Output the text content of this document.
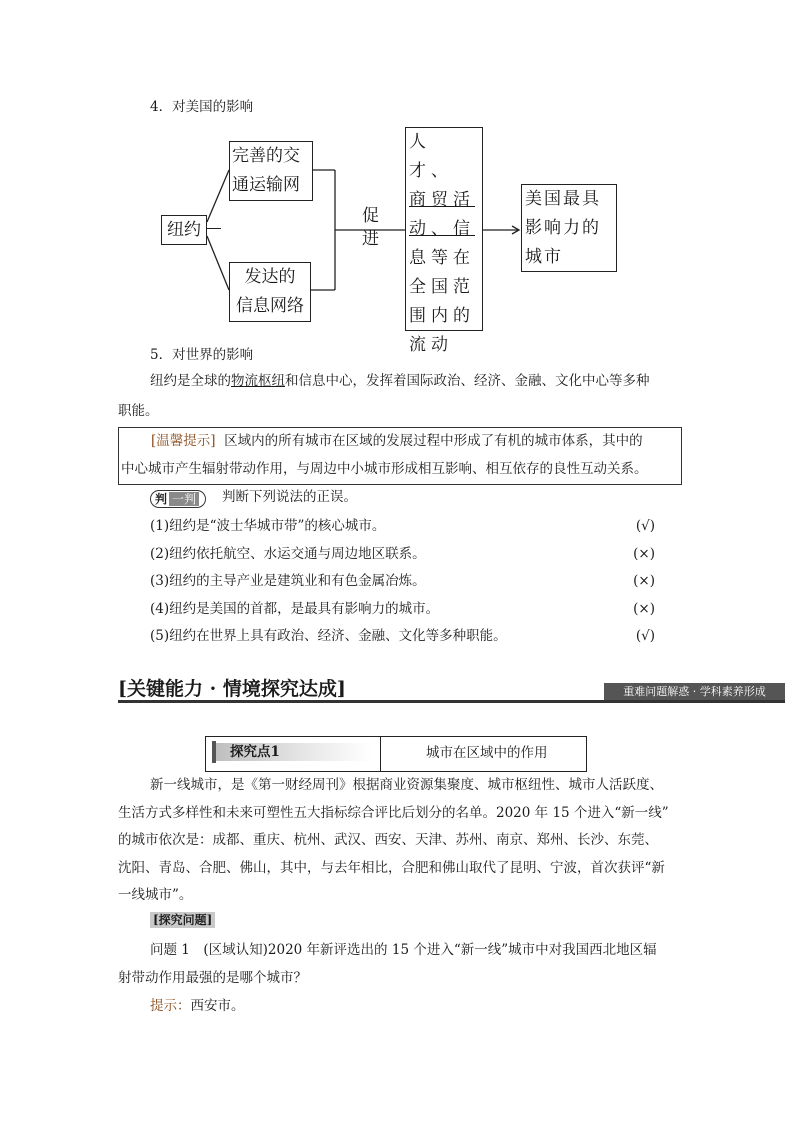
4．对美国的影响
纽约
完善的交
通运输网
发达的
信息网络
促
进
人　才、
商贸活
动、信
息等在
全国范
围内的
流动
美国最具
影响力的
城市
5．对世界的影响
纽约是全球的物流枢纽和信息中心，发挥着国际政治、经济、金融、文化中心等多种
职能。
[温馨提示] 区域内的所有城市在区域的发展过程中形成了有机的城市体系，其中的
中心城市产生辐射带动作用，与周边中小城市形成相互影响、相互依存的良性互动关系。
判 一判	判断下列说法的正误。
(1)纽约是“波士华城市带”的核心城市。	(√)
(2)纽约依托航空、水运交通与周边地区联系。	(×)
(3)纽约的主导产业是建筑业和有色金属冶炼。	(×)
(4)纽约是美国的首都，是最具有影响力的城市。	(×)
(5)纽约在世界上具有政治、经济、金融、文化等多种职能。	(√)
[关键能力 · 情境探究达成]	重难问题解惑 · 学科素养形成
探究点1	城市在区域中的作用
新一线城市，是《第一财经周刊》根据商业资源集聚度、城市枢纽性、城市人活跃度、
生活方式多样性和未来可塑性五大指标综合评比后划分的名单。2020 年 15 个进入“新一线”
的城市依次是：成都、重庆、杭州、武汉、西安、天津、苏州、南京、郑州、长沙、东莞、
沈阳、青岛、合肥、佛山，其中，与去年相比，合肥和佛山取代了昆明、宁波，首次获评“新
一线城市”。
[探究问题]
问题 1　(区域认知)2020 年新评选出的 15 个进入“新一线”城市中对我国西北地区辐
射带动作用最强的是哪个城市？
提示：西安市。
